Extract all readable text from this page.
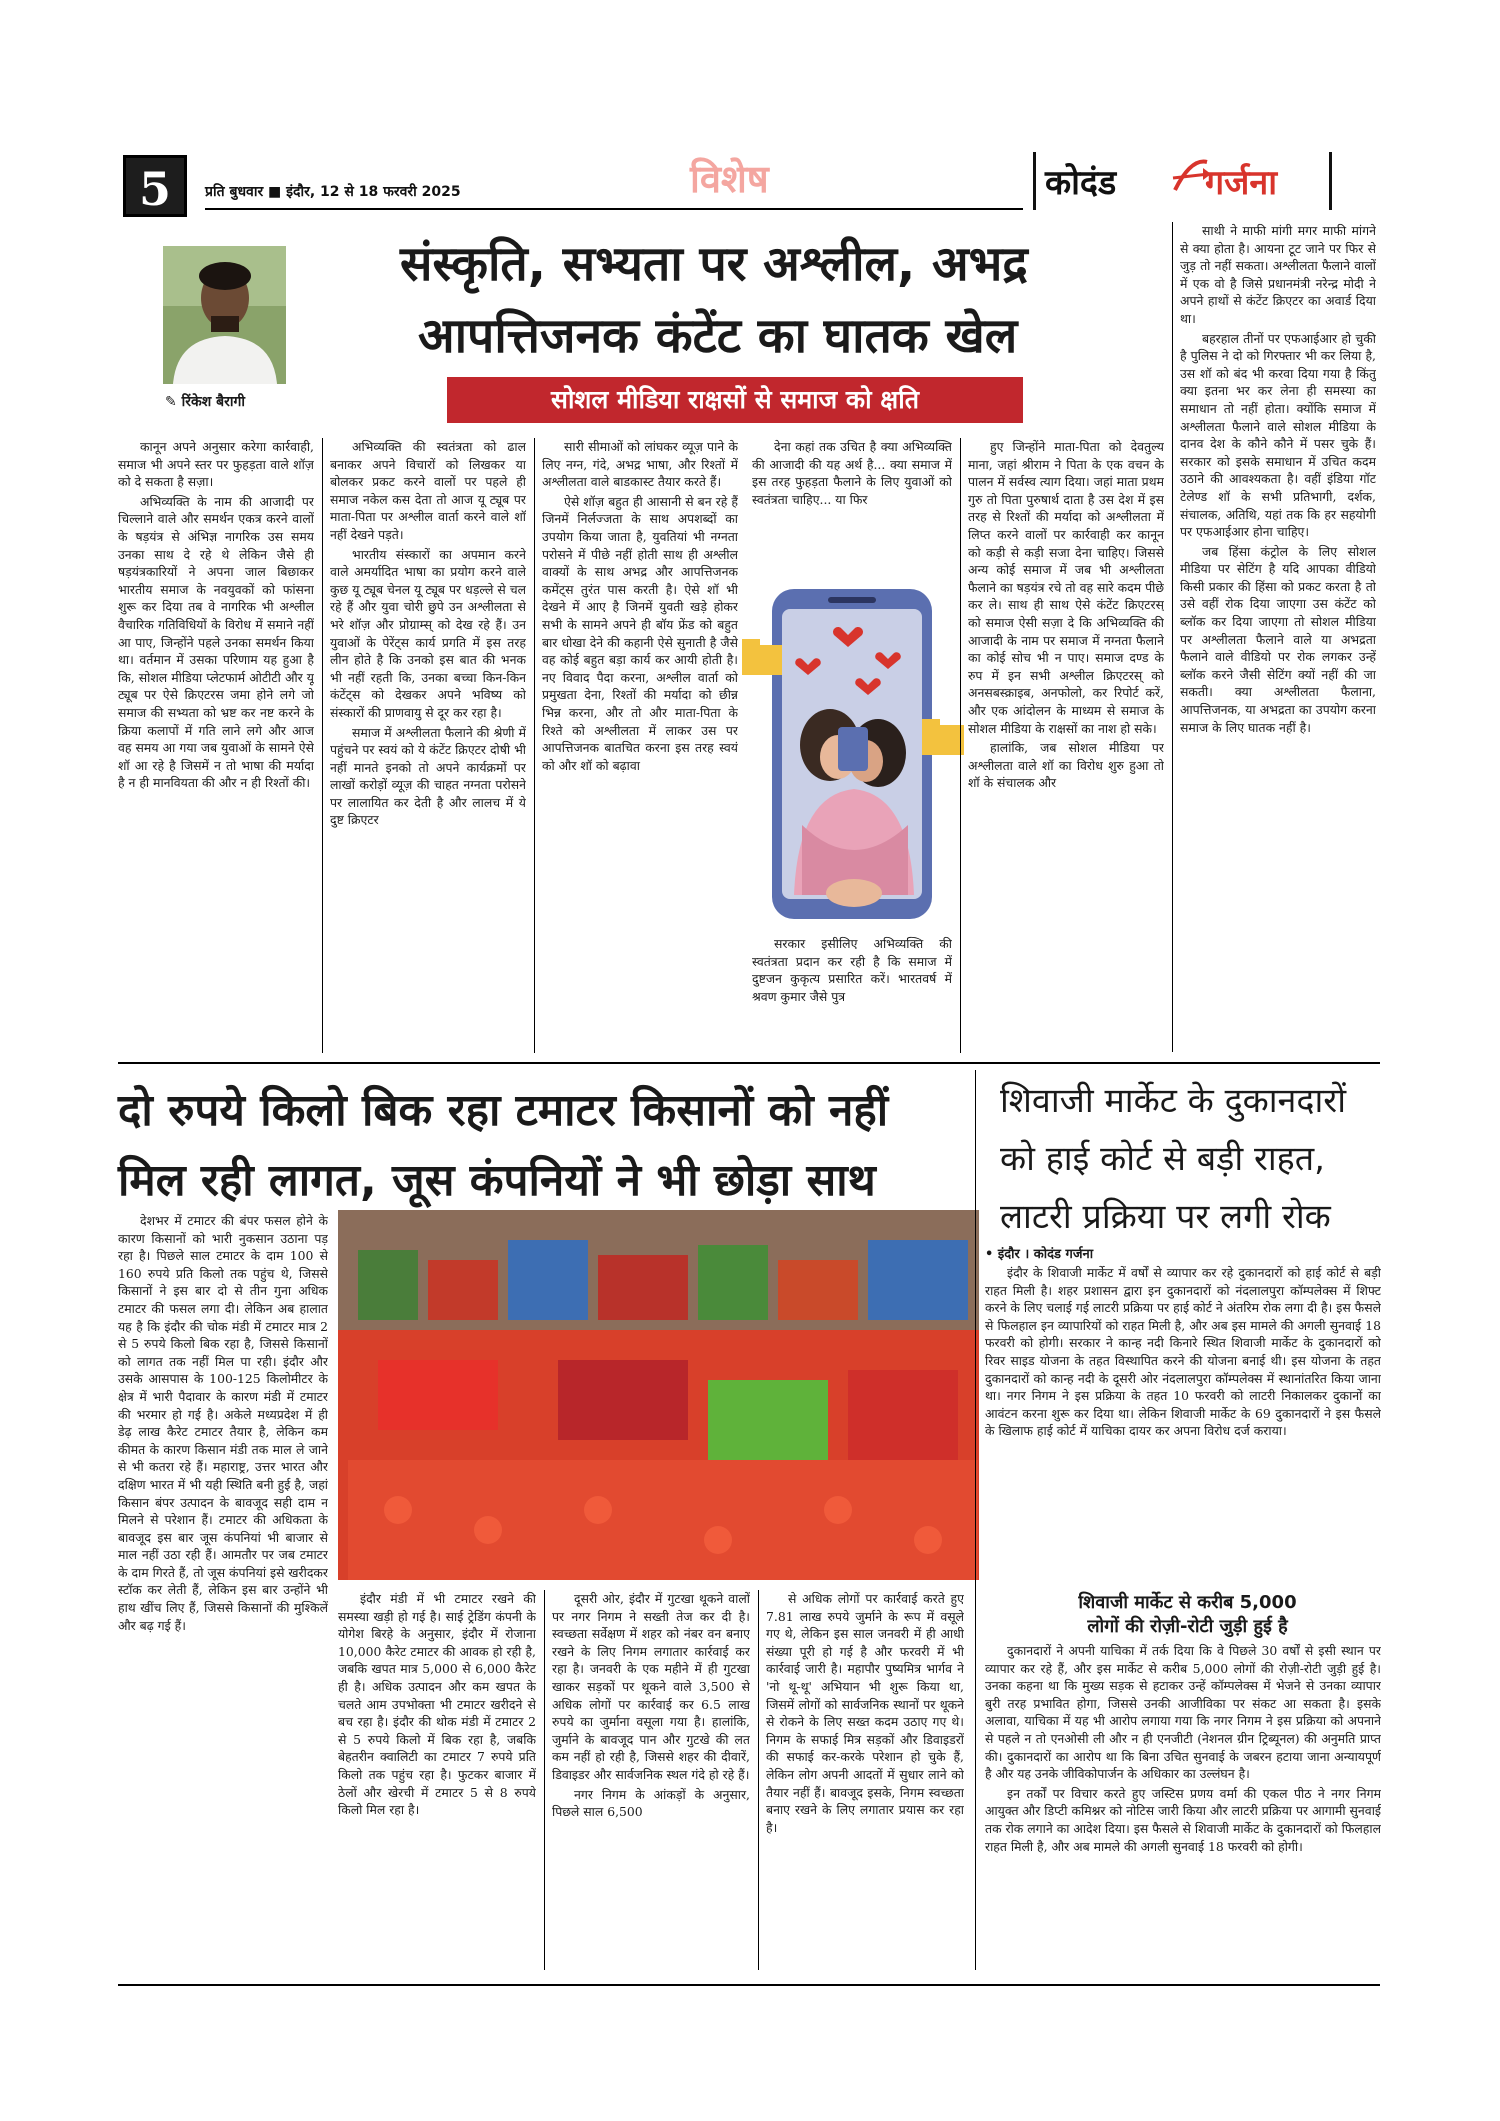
5	प्रति बुधवार ■ इंदौर, 12 से 18 फरवरी 2025	विशेष	कोदंड	गर्जना
✎ रिंकेश बैरागी
संस्कृति, सभ्यता पर अश्लील, अभद्र
आपत्तिजनक कंटेंट का घातक खेल
सोशल मीडिया राक्षसों से समाज को क्षति

कानून अपने अनुसार करेगा कार्रवाही, समाज भी अपने स्तर पर फुहड़ता वाले शॉज़ को दे सकता है सज़ा।

अभिव्यक्ति के नाम की आजादी पर चिल्लाने वाले और समर्थन एकत्र करने वालों के षड़यंत्र से अंभिज्ञ नागरिक उस समय उनका साथ दे रहे थे लेकिन जैसे ही षड़यंत्रकारियों ने अपना जाल बिछाकर भारतीय समाज के नवयुवकों को फांसना शुरू कर दिया तब वे नागरिक भी अश्लील वैचारिक गतिविधियों के विरोध में समाने नहीं आ पाए, जिन्होंने पहले उनका समर्थन किया था। वर्तमान में उसका परिणाम यह हुआ है कि, सोशल मीडिया प्लेटफार्म ओटीटी और यू ट्यूब पर ऐसे क्रिएटरस जमा होने लगे जो समाज की सभ्यता को भ्रष्ट कर नष्ट करने के क्रिया कलापों में गति लाने लगे और आज वह समय आ गया जब युवाओं के सामने ऐसे शॉ आ रहे है जिसमें न तो भाषा की मर्यादा है न ही मानवियता की और न ही रिश्तों की।

अभिव्यक्ति की स्वतंत्रता को ढाल बनाकर अपने विचारों को लिखकर या बोलकर प्रकट करने वालों पर पहले ही समाज नकेल कस देता तो आज यू ट्यूब पर माता-पिता पर अश्लील वार्ता करने वाले शॉ नहीं देखने पड़ते।

भारतीय संस्कारों का अपमान करने वाले अमर्यादित भाषा का प्रयोग करने वाले कुछ यू ट्यूब चेनल यू ट्यूब पर धड़ल्ले से चल रहे हैं और युवा चोरी छुपे उन अश्लीलता से भरे शॉज़ और प्रोग्राम्स् को देख रहे हैं। उन युवाओं के पेरेंट्स कार्य प्रगति में इस तरह लीन होते है कि उनको इस बात की भनक भी नहीं रहती कि, उनका बच्चा किन-किन कंटेंट्स को देखकर अपने भविष्य को संस्कारों की प्राणवायु से दूर कर रहा है।

समाज में अश्लीलता फैलाने की श्रेणी में पहुंचने पर स्वयं को ये कंटेंट क्रिएटर दोषी भी नहीं मानते इनको तो अपने कार्यक्रमों पर लाखों करोड़ों व्यूज़ की चाहत नग्नता परोसने पर लालायित कर देती है और लालच में ये दुष्ट क्रिएटर

सारी सीमाओं को लांघकर व्यूज़ पाने के लिए नग्न, गंदे, अभद्र भाषा, और रिश्तों में अश्लीलता वाले बाडकास्ट तैयार करते हैं।

ऐसे शॉज़ बहुत ही आसानी से बन रहे हैं जिनमें निर्लज्जता के साथ अपशब्दों का उपयोग किया जाता है, युवतियां भी नग्नता परोसने में पीछे नहीं होती साथ ही अश्लील वाक्यों के साथ अभद्र और आपत्तिजनक कमेंट्स तुरंत पास करती है। ऐसे शॉ भी देखने में आए है जिनमें युवती खड़े होकर सभी के सामने अपने ही बॉय फ्रेंड को बहुत बार धोखा देने की कहानी ऐसे सुनाती है जैसे वह कोई बहुत बड़ा कार्य कर आयी होती है। नए विवाद पैदा करना, अश्लील वार्ता को प्रमुखता देना, रिश्तों की मर्यादा को छीन्न भिन्न करना, और तो और माता-पिता के रिश्ते को अश्लीलता में लाकर उस पर आपत्तिजनक बातचित करना इस तरह स्वयं को और शॉ को बढ़ावा

देना कहां तक उचित है क्या अभिव्यक्ति की आजादी की यह अर्थ है... क्या समाज में इस तरह फुहड़ता फैलाने के लिए युवाओं को स्वतंत्रता चाहिए... या फिर

सरकार इसीलिए अभिव्यक्ति की स्वतंत्रता प्रदान कर रही है कि समाज में दुष्टजन कुकृत्य प्रसारित करें। भारतवर्ष में श्रवण कुमार जैसे पुत्र

हुए जिन्होंने माता-पिता को देवतुल्य माना, जहां श्रीराम ने पिता के एक वचन के पालन में सर्वस्व त्याग दिया। जहां माता प्रथम गुरु तो पिता पुरुषार्थ दाता है उस देश में इस तरह से रिश्तों की मर्यादा को अश्लीलता में लिप्त करने वालों पर कार्रवाही कर कानून को कड़ी से कड़ी सजा देना चाहिए। जिससे अन्य कोई समाज में जब भी अश्लीलता फैलाने का षड़यंत्र रचे तो वह सारे कदम पीछे कर ले। साथ ही साथ ऐसे कंटेंट क्रिएटरस् को समाज ऐसी सज़ा दे कि अभिव्यक्ति की आजादी के नाम पर समाज में नग्नता फैलाने का कोई सोच भी न पाए। समाज दण्ड के रुप में इन सभी अश्लील क्रिएटरस् को अनसबस्क्राइब, अनफोलो, कर रिपोर्ट करें, और एक आंदोलन के माध्यम से समाज के सोशल मीडिया के राक्षसों का नाश हो सके।

हालांकि, जब सोशल मीडिया पर अश्लीलता वाले शॉ का विरोध शुरु हुआ तो शॉ के संचालक और

साथी ने माफी मांगी मगर माफी मांगने से क्या होता है। आयना टूट जाने पर फिर से जुड़ तो नहीं सकता। अश्लीलता फैलाने वालों में एक वो है जिसे प्रधानमंत्री नरेन्द्र मोदी ने अपने हाथों से कंटेंट क्रिएटर का अवार्ड दिया था।

बहरहाल तीनों पर एफआईआर हो चुकी है पुलिस ने दो को गिरफ्तार भी कर लिया है, उस शॉ को बंद भी करवा दिया गया है किंतु क्या इतना भर कर लेना ही समस्या का समाधान तो नहीं होता। क्योंकि समाज में अश्लीलता फैलाने वाले सोशल मीडिया के दानव देश के कौने कौने में पसर चुके हैं। सरकार को इसके समाधान में उचित कदम उठाने की आवश्यकता है। वहीं इंडिया गॉट टेलेण्ड शॉ के सभी प्रतिभागी, दर्शक, संचालक, अतिथि, यहां तक कि हर सहयोगी पर एफआईआर होना चाहिए।

जब हिंसा कंट्रोल के लिए सोशल मीडिया पर सेटिंग है यदि आपका वीडियो किसी प्रकार की हिंसा को प्रकट करता है तो उसे वहीं रोक दिया जाएगा उस कंटेंट को ब्लॉक कर दिया जाएगा तो सोशल मीडिया पर अश्लीलता फैलाने वाले या अभद्रता फैलाने वाले वीडियो पर रोक लगकर उन्हें ब्लॉक करने जैसी सेटिंग क्यों नहीं की जा सकती। क्या अश्लीलता फैलाना, आपत्तिजनक, या अभद्रता का उपयोग करना समाज के लिए घातक नहीं है।

दो रुपये किलो बिक रहा टमाटर किसानों को नहीं
मिल रही लागत, जूस कंपनियों ने भी छोड़ा साथ

देशभर में टमाटर की बंपर फसल होने के कारण किसानों को भारी नुकसान उठाना पड़ रहा है। पिछले साल टमाटर के दाम 100 से 160 रुपये प्रति किलो तक पहुंच थे, जिससे किसानों ने इस बार दो से तीन गुना अधिक टमाटर की फसल लगा दी। लेकिन अब हालात यह है कि इंदौर की चोक मंडी में टमाटर मात्र 2 से 5 रुपये किलो बिक रहा है, जिससे किसानों को लागत तक नहीं मिल पा रही। इंदौर और उसके आसपास के 100-125 किलोमीटर के क्षेत्र में भारी पैदावार के कारण मंडी में टमाटर की भरमार हो गई है। अकेले मध्यप्रदेश में ही डेढ़ लाख कैरेट टमाटर तैयार है, लेकिन कम कीमत के कारण किसान मंडी तक माल ले जाने से भी कतरा रहे हैं। महाराष्ट्र, उत्तर भारत और दक्षिण भारत में भी यही स्थिति बनी हुई है, जहां किसान बंपर उत्पादन के बावजूद सही दाम न मिलने से परेशान हैं। टमाटर की अधिकता के बावजूद इस बार जूस कंपनियां भी बाजार से माल नहीं उठा रही हैं। आमतौर पर जब टमाटर के दाम गिरते हैं, तो जूस कंपनियां इसे खरीदकर स्टॉक कर लेती हैं, लेकिन इस बार उन्होंने भी हाथ खींच लिए हैं, जिससे किसानों की मुश्किलें और बढ़ गई हैं।

इंदौर मंडी में भी टमाटर रखने की समस्या खड़ी हो गई है। साई ट्रेडिंग कंपनी के योगेश बिरहे के अनुसार, इंदौर में रोजाना 10,000 कैरेट टमाटर की आवक हो रही है, जबकि खपत मात्र 5,000 से 6,000 कैरेट ही है। अधिक उत्पादन और कम खपत के चलते आम उपभोक्ता भी टमाटर खरीदने से बच रहा है। इंदौर की थोक मंडी में टमाटर 2 से 5 रुपये किलो में बिक रहा है, जबकि बेहतरीन क्वालिटी का टमाटर 7 रुपये प्रति किलो तक पहुंच रहा है। फुटकर बाजार में ठेलों और खेरची में टमाटर 5 से 8 रुपये किलो मिल रहा है।

दूसरी ओर, इंदौर में गुटखा थूकने वालों पर नगर निगम ने सख्ती तेज कर दी है। स्वच्छता सर्वेक्षण में शहर को नंबर वन बनाए रखने के लिए निगम लगातार कार्रवाई कर रहा है। जनवरी के एक महीने में ही गुटखा खाकर सड़कों पर थूकने वाले 3,500 से अधिक लोगों पर कार्रवाई कर 6.5 लाख रुपये का जुर्माना वसूला गया है। हालांकि, जुर्माने के बावजूद पान और गुटखे की लत कम नहीं हो रही है, जिससे शहर की दीवारें, डिवाइडर और सार्वजनिक स्थल गंदे हो रहे हैं।

नगर निगम के आंकड़ों के अनुसार, पिछले साल 6,500

से अधिक लोगों पर कार्रवाई करते हुए 7.81 लाख रुपये जुर्माने के रूप में वसूले गए थे, लेकिन इस साल जनवरी में ही आधी संख्या पूरी हो गई है और फरवरी में भी कार्रवाई जारी है। महापौर पुष्यमित्र भार्गव ने 'नो थू-थू' अभियान भी शुरू किया था, जिसमें लोगों को सार्वजनिक स्थानों पर थूकने से रोकने के लिए सख्त कदम उठाए गए थे। निगम के सफाई मित्र सड़कों और डिवाइडरों की सफाई कर-करके परेशान हो चुके हैं, लेकिन लोग अपनी आदतों में सुधार लाने को तैयार नहीं हैं। बावजूद इसके, निगम स्वच्छता बनाए रखने के लिए लगातार प्रयास कर रहा है।

शिवाजी मार्केट के दुकानदारों
को हाई कोर्ट से बड़ी राहत,
लाटरी प्रक्रिया पर लगी रोक
• इंदौर । कोदंड गर्जना

इंदौर के शिवाजी मार्केट में वर्षों से व्यापार कर रहे दुकानदारों को हाई कोर्ट से बड़ी राहत मिली है। शहर प्रशासन द्वारा इन दुकानदारों को नंदलालपुरा कॉम्पलेक्स में शिफ्ट करने के लिए चलाई गई लाटरी प्रक्रिया पर हाई कोर्ट ने अंतरिम रोक लगा दी है। इस फैसले से फिलहाल इन व्यापारियों को राहत मिली है, और अब इस मामले की अगली सुनवाई 18 फरवरी को होगी। सरकार ने कान्ह नदी किनारे स्थित शिवाजी मार्केट के दुकानदारों को रिवर साइड योजना के तहत विस्थापित करने की योजना बनाई थी। इस योजना के तहत दुकानदारों को कान्ह नदी के दूसरी ओर नंदलालपुरा कॉम्पलेक्स में स्थानांतरित किया जाना था। नगर निगम ने इस प्रक्रिया के तहत 10 फरवरी को लाटरी निकालकर दुकानों का आवंटन करना शुरू कर दिया था। लेकिन शिवाजी मार्केट के 69 दुकानदारों ने इस फैसले के खिलाफ हाई कोर्ट में याचिका दायर कर अपना विरोध दर्ज कराया।

शिवाजी मार्केट से करीब 5,000
लोगों की रोज़ी-रोटी जुड़ी हुई है

दुकानदारों ने अपनी याचिका में तर्क दिया कि वे पिछले 30 वर्षों से इसी स्थान पर व्यापार कर रहे हैं, और इस मार्केट से करीब 5,000 लोगों की रोज़ी-रोटी जुड़ी हुई है। उनका कहना था कि मुख्य सड़क से हटाकर उन्हें कॉम्पलेक्स में भेजने से उनका व्यापार बुरी तरह प्रभावित होगा, जिससे उनकी आजीविका पर संकट आ सकता है। इसके अलावा, याचिका में यह भी आरोप लगाया गया कि नगर निगम ने इस प्रक्रिया को अपनाने से पहले न तो एनओसी ली और न ही एनजीटी (नेशनल ग्रीन ट्रिब्यूनल) की अनुमति प्राप्त की। दुकानदारों का आरोप था कि बिना उचित सुनवाई के जबरन हटाया जाना अन्यायपूर्ण है और यह उनके जीविकोपार्जन के अधिकार का उल्लंघन है।

इन तर्कों पर विचार करते हुए जस्टिस प्रणय वर्मा की एकल पीठ ने नगर निगम आयुक्त और डिप्टी कमिश्नर को नोटिस जारी किया और लाटरी प्रक्रिया पर आगामी सुनवाई तक रोक लगाने का आदेश दिया। इस फैसले से शिवाजी मार्केट के दुकानदारों को फिलहाल राहत मिली है, और अब मामले की अगली सुनवाई 18 फरवरी को होगी।
